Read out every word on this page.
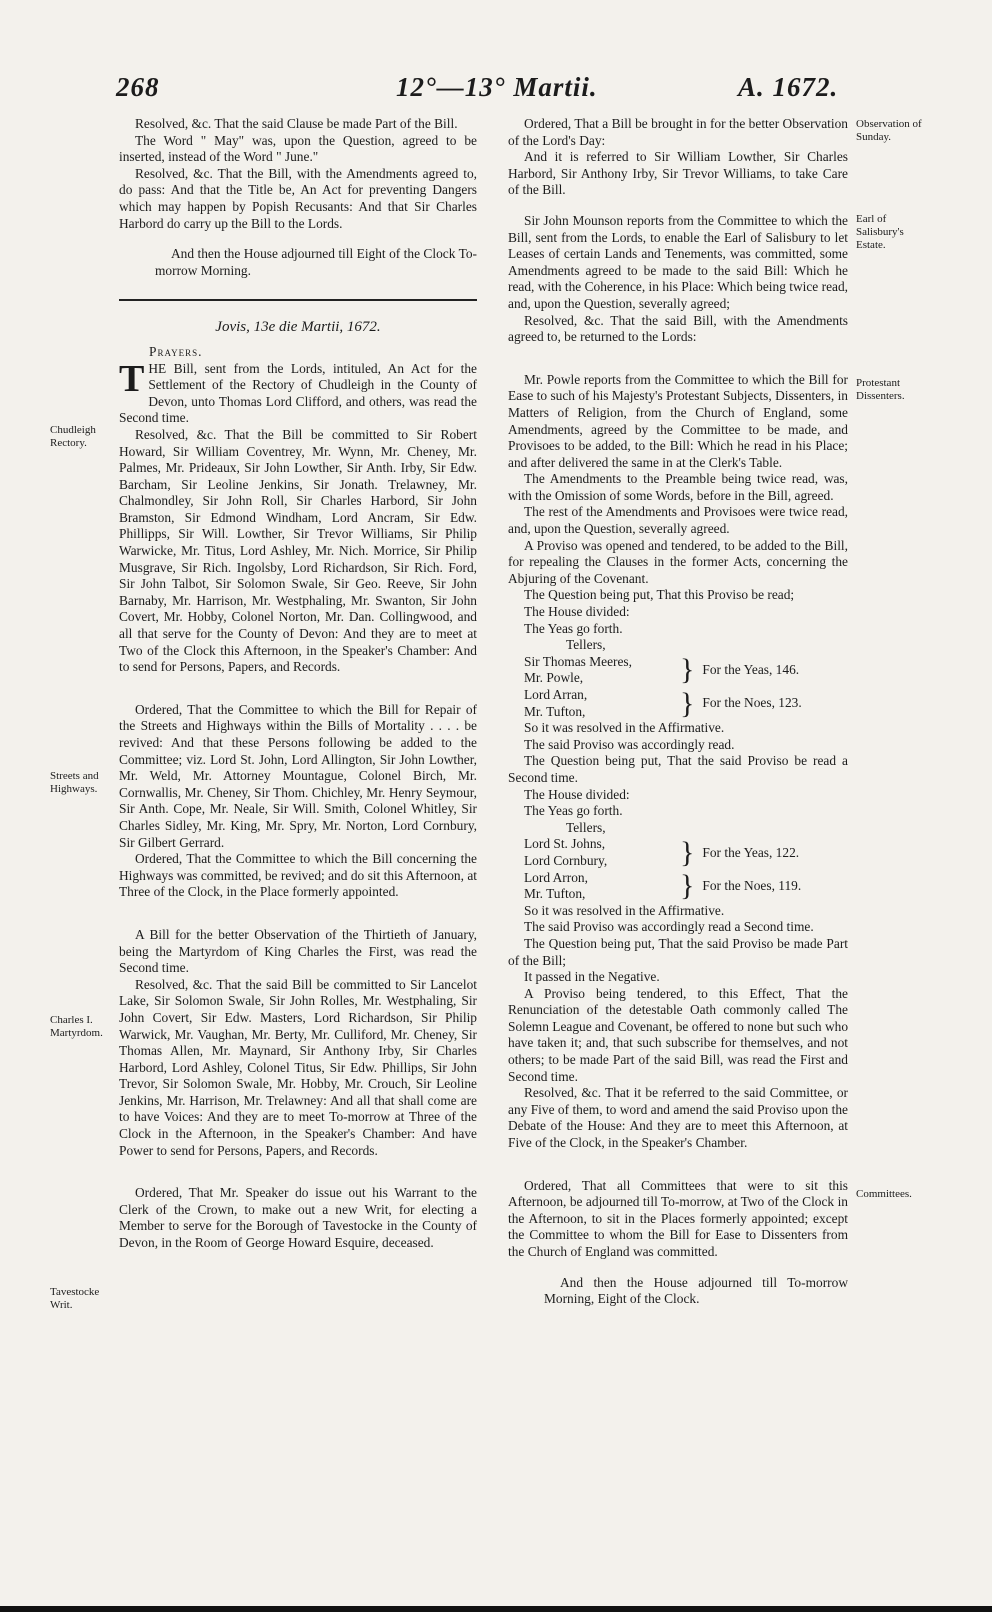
268	12°—13° Martii.	A. 1672.
Chudleigh Rectory.
Streets and Highways.
Charles I. Martyrdom.
Tavestocke Writ.
Observation of Sunday.
Earl of Salisbury's Estate.
Protestant Dissenters.
Committees.

Resolved, &c. That the said Clause be made Part of the Bill.

The Word " May" was, upon the Question, agreed to be inserted, instead of the Word " June."

Resolved, &c. That the Bill, with the Amendments agreed to, do pass: And that the Title be, An Act for preventing Dangers which may happen by Popish Recusants: And that Sir Charles Harbord do carry up the Bill to the Lords.

And then the House adjourned till Eight of the Clock To-morrow Morning.

Jovis, 13e die Martii, 1672.
Prayers.

THE Bill, sent from the Lords, intituled, An Act for the Settlement of the Rectory of Chudleigh in the County of Devon, unto Thomas Lord Clifford, and others, was read the Second time.

Resolved, &c. That the Bill be committed to Sir Robert Howard, Sir William Coventrey, Mr. Wynn, Mr. Cheney, Mr. Palmes, Mr. Prideaux, Sir John Lowther, Sir Anth. Irby, Sir Edw. Barcham, Sir Leoline Jenkins, Sir Jonath. Trelawney, Mr. Chalmondley, Sir John Roll, Sir Charles Harbord, Sir John Bramston, Sir Edmond Windham, Lord Ancram, Sir Edw. Phillipps, Sir Will. Lowther, Sir Trevor Williams, Sir Philip Warwicke, Mr. Titus, Lord Ashley, Mr. Nich. Morrice, Sir Philip Musgrave, Sir Rich. Ingolsby, Lord Richardson, Sir Rich. Ford, Sir John Talbot, Sir Solomon Swale, Sir Geo. Reeve, Sir John Barnaby, Mr. Harrison, Mr. Westphaling, Mr. Swanton, Sir John Covert, Mr. Hobby, Colonel Norton, Mr. Dan. Collingwood, and all that serve for the County of Devon: And they are to meet at Two of the Clock this Afternoon, in the Speaker's Chamber: And to send for Persons, Papers, and Records.

Ordered, That the Committee to which the Bill for Repair of the Streets and Highways within the Bills of Mortality . . . . be revived: And that these Persons following be added to the Committee; viz. Lord St. John, Lord Allington, Sir John Lowther, Mr. Weld, Mr. Attorney Mountague, Colonel Birch, Mr. Cornwallis, Mr. Cheney, Sir Thom. Chichley, Mr. Henry Seymour, Sir Anth. Cope, Mr. Neale, Sir Will. Smith, Colonel Whitley, Sir Charles Sidley, Mr. King, Mr. Spry, Mr. Norton, Lord Cornbury, Sir Gilbert Gerrard.

Ordered, That the Committee to which the Bill concerning the Highways was committed, be revived; and do sit this Afternoon, at Three of the Clock, in the Place formerly appointed.

A Bill for the better Observation of the Thirtieth of January, being the Martyrdom of King Charles the First, was read the Second time.

Resolved, &c. That the said Bill be committed to Sir Lancelot Lake, Sir Solomon Swale, Sir John Rolles, Mr. Westphaling, Sir John Covert, Sir Edw. Masters, Lord Richardson, Sir Philip Warwick, Mr. Vaughan, Mr. Berty, Mr. Culliford, Mr. Cheney, Sir Thomas Allen, Mr. Maynard, Sir Anthony Irby, Sir Charles Harbord, Lord Ashley, Colonel Titus, Sir Edw. Phillips, Sir John Trevor, Sir Solomon Swale, Mr. Hobby, Mr. Crouch, Sir Leoline Jenkins, Mr. Harrison, Mr. Trelawney: And all that shall come are to have Voices: And they are to meet To-morrow at Three of the Clock in the Afternoon, in the Speaker's Chamber: And have Power to send for Persons, Papers, and Records.

Ordered, That Mr. Speaker do issue out his Warrant to the Clerk of the Crown, to make out a new Writ, for electing a Member to serve for the Borough of Tavestocke in the County of Devon, in the Room of George Howard Esquire, deceased.

Ordered, That a Bill be brought in for the better Observation of the Lord's Day:

And it is referred to Sir William Lowther, Sir Charles Harbord, Sir Anthony Irby, Sir Trevor Williams, to take Care of the Bill.

Sir John Mounson reports from the Committee to which the Bill, sent from the Lords, to enable the Earl of Salisbury to let Leases of certain Lands and Tenements, was committed, some Amendments agreed to be made to the said Bill: Which he read, with the Coherence, in his Place: Which being twice read, and, upon the Question, severally agreed;

Resolved, &c. That the said Bill, with the Amendments agreed to, be returned to the Lords:

Mr. Powle reports from the Committee to which the Bill for Ease to such of his Majesty's Protestant Subjects, Dissenters, in Matters of Religion, from the Church of England, some Amendments, agreed by the Committee to be made, and Provisoes to be added, to the Bill: Which he read in his Place; and after delivered the same in at the Clerk's Table.

The Amendments to the Preamble being twice read, was, with the Omission of some Words, before in the Bill, agreed.

The rest of the Amendments and Provisoes were twice read, and, upon the Question, severally agreed.

A Proviso was opened and tendered, to be added to the Bill, for repealing the Clauses in the former Acts, concerning the Abjuring of the Covenant.

The Question being put, That this Proviso be read;

The House divided:

The Yeas go forth.

Tellers,
Sir Thomas Meeres,
Mr. Powle,	} For the Yeas, 146.
Lord Arran,
Mr. Tufton,	} For the Noes, 123.

So it was resolved in the Affirmative.

The said Proviso was accordingly read.

The Question being put, That the said Proviso be read a Second time.

The House divided:

The Yeas go forth.

Tellers,
Lord St. Johns,
Lord Cornbury,	} For the Yeas, 122.
Lord Arron,
Mr. Tufton,	} For the Noes, 119.

So it was resolved in the Affirmative.

The said Proviso was accordingly read a Second time.

The Question being put, That the said Proviso be made Part of the Bill;

It passed in the Negative.

A Proviso being tendered, to this Effect, That the Renunciation of the detestable Oath commonly called The Solemn League and Covenant, be offered to none but such who have taken it; and, that such subscribe for themselves, and not others; to be made Part of the said Bill, was read the First and Second time.

Resolved, &c. That it be referred to the said Committee, or any Five of them, to word and amend the said Proviso upon the Debate of the House: And they are to meet this Afternoon, at Five of the Clock, in the Speaker's Chamber.

Ordered, That all Committees that were to sit this Afternoon, be adjourned till To-morrow, at Two of the Clock in the Afternoon, to sit in the Places formerly appointed; except the Committee to whom the Bill for Ease to Dissenters from the Church of England was committed.

And then the House adjourned till To-morrow Morning, Eight of the Clock.
